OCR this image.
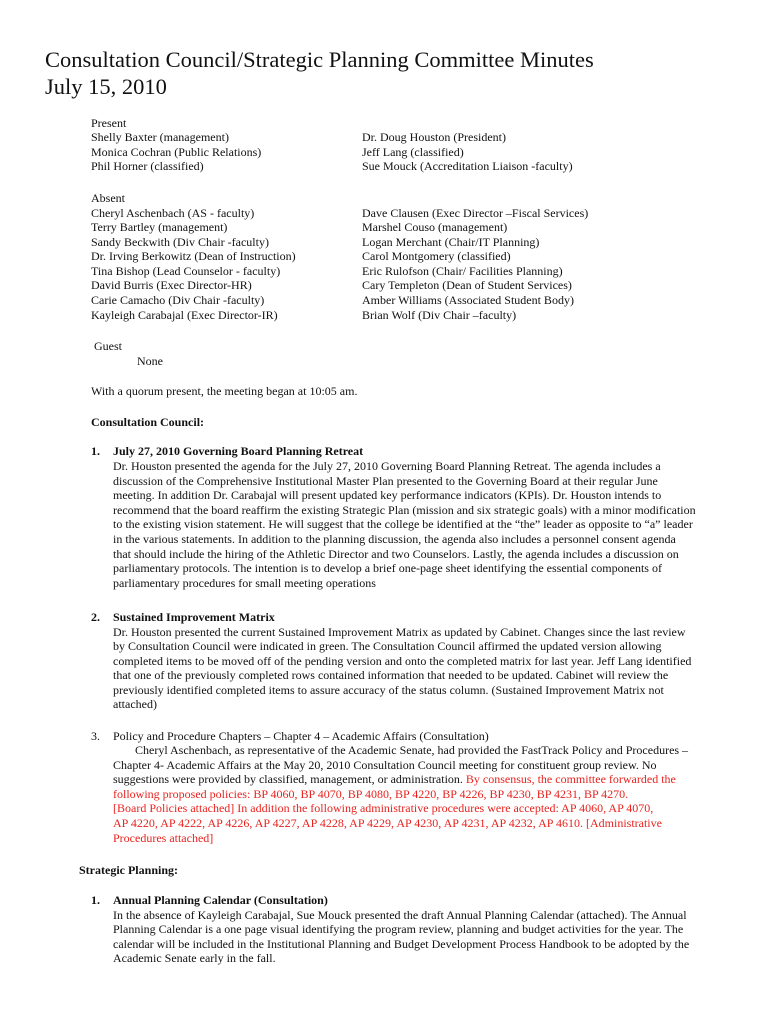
Consultation Council/Strategic Planning Committee Minutes
July 15, 2010
Present
Shelly Baxter (management)
Monica Cochran (Public Relations)
Phil Horner (classified)
Dr. Doug Houston (President)
Jeff Lang (classified)
Sue Mouck (Accreditation Liaison -faculty)
Absent
Cheryl Aschenbach (AS - faculty)
Terry Bartley (management)
Sandy Beckwith (Div Chair -faculty)
Dr. Irving Berkowitz (Dean of Instruction)
Tina Bishop (Lead Counselor - faculty)
David Burris (Exec Director-HR)
Carie Camacho (Div Chair -faculty)
Kayleigh Carabajal (Exec Director-IR)
Dave Clausen (Exec Director –Fiscal Services)
Marshel Couso (management)
Logan Merchant (Chair/IT Planning)
Carol Montgomery (classified)
Eric Rulofson (Chair/ Facilities Planning)
Cary Templeton (Dean of Student Services)
Amber Williams (Associated Student Body)
Brian Wolf (Div Chair –faculty)
Guest
None
With a quorum present, the meeting began at 10:05 am.
Consultation Council:
1. July 27, 2010 Governing Board Planning Retreat
Dr. Houston presented the agenda for the July 27, 2010 Governing Board Planning Retreat. The agenda includes a
discussion of the Comprehensive Institutional Master Plan presented to the Governing Board at their regular June
meeting. In addition Dr. Carabajal will present updated key performance indicators (KPIs). Dr. Houston intends to
recommend that the board reaffirm the existing Strategic Plan (mission and six strategic goals) with a minor modification
to the existing vision statement. He will suggest that the college be identified at the “the” leader as opposite to “a” leader
in the various statements. In addition to the planning discussion, the agenda also includes a personnel consent agenda
that should include the hiring of the Athletic Director and two Counselors. Lastly, the agenda includes a discussion on
parliamentary protocols. The intention is to develop a brief one-page sheet identifying the essential components of
parliamentary procedures for small meeting operations
2. Sustained Improvement Matrix
Dr. Houston presented the current Sustained Improvement Matrix as updated by Cabinet. Changes since the last review
by Consultation Council were indicated in green. The Consultation Council affirmed the updated version allowing
completed items to be moved off of the pending version and onto the completed matrix for last year. Jeff Lang identified
that one of the previously completed rows contained information that needed to be updated. Cabinet will review the
previously identified completed items to assure accuracy of the status column. (Sustained Improvement Matrix not
attached)
3. Policy and Procedure Chapters – Chapter 4 – Academic Affairs (Consultation)
Cheryl Aschenbach, as representative of the Academic Senate, had provided the FastTrack Policy and Procedures –
Chapter 4- Academic Affairs at the May 20, 2010 Consultation Council meeting for constituent group review. No
suggestions were provided by classified, management, or administration. By consensus, the committee forwarded the
following proposed policies: BP 4060, BP 4070, BP 4080, BP 4220, BP 4226, BP 4230, BP 4231, BP 4270.
[Board Policies attached] In addition the following administrative procedures were accepted: AP 4060, AP 4070,
AP 4220, AP 4222, AP 4226, AP 4227, AP 4228, AP 4229, AP 4230, AP 4231, AP 4232, AP 4610. [Administrative
Procedures attached]
Strategic Planning:
1. Annual Planning Calendar (Consultation)
In the absence of Kayleigh Carabajal, Sue Mouck presented the draft Annual Planning Calendar (attached). The Annual
Planning Calendar is a one page visual identifying the program review, planning and budget activities for the year. The
calendar will be included in the Institutional Planning and Budget Development Process Handbook to be adopted by the
Academic Senate early in the fall.
